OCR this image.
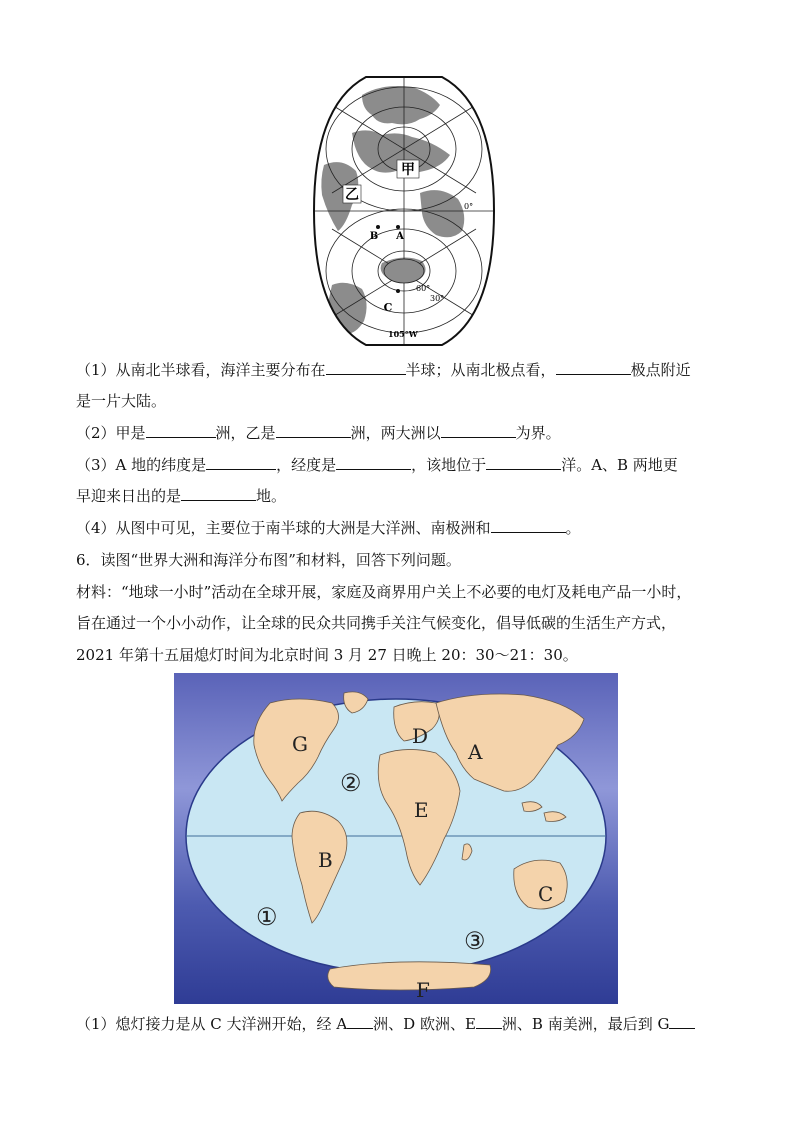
甲
乙
B A
C
0°
60°
30°
105°W
（1）从南北半球看，海洋主要分布在	半球；从南北极点看，	极点附近
是一片大陆。
（2）甲是	洲，乙是	洲，两大洲以	为界。
（3）A 地的纬度是	，经度是	，该地位于	洋。A、B 两地更
早迎来日出的是	地。
（4）从图中可见，主要位于南半球的大洲是大洋洲、南极洲和	。
6．读图“世界大洲和海洋分布图”和材料，回答下列问题。
材料：“地球一小时”活动在全球开展，家庭及商界用户关上不必要的电灯及耗电产品一小时，
旨在通过一个小小动作，让全球的民众共同携手关注气候变化，倡导低碳的生活生产方式，
2021 年第十五届熄灯时间为北京时间 3 月 27 日晚上 20：30～21：30。
G	D
A
E
B
C
F
①
②
③
（1）熄灯接力是从 C 大洋洲开始，经 A 洲、D 欧洲、E 洲、B 南美洲，最后到 G
